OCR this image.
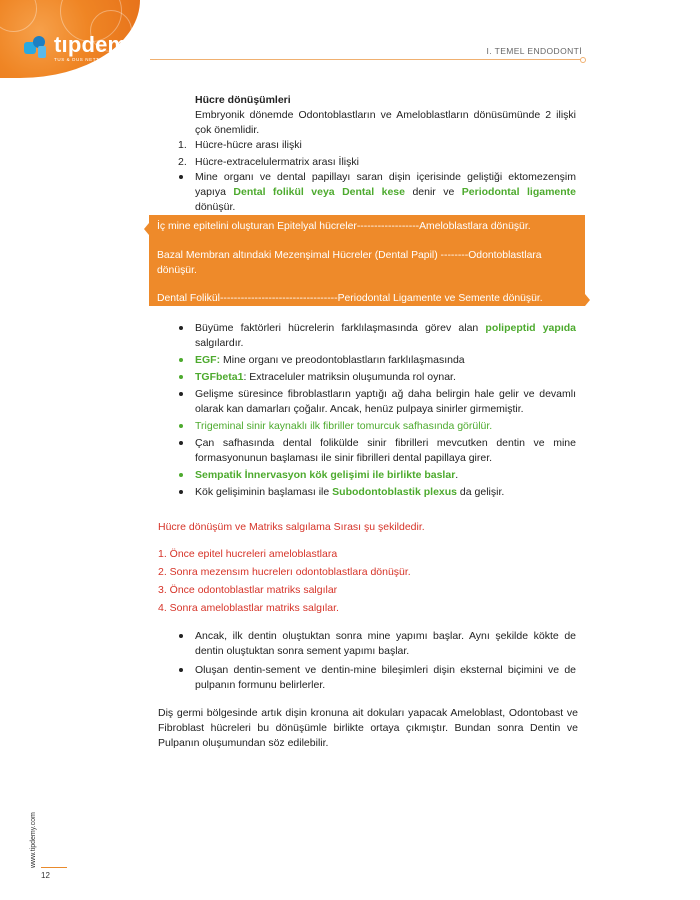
tıpdemy
TUS & DUS NETTE PLATFORMU
I. TEMEL ENDODONTİ
www.tipdemy.com
12

Hücre dönüşümleri

Embryonik dönemde Odontoblastların ve Ameloblastların dönüsümünde 2 ilişki çok önemlidir.

1. Hücre-hücre arası ilişki
2. Hücre-extracelulermatrix arası İlişki
Mine organı ve dental papillayı saran dişin içerisinde geliştiği ektomezenşim yapıya Dental folikül veya Dental kese denir ve Periodontal ligamente dönüşür.
İç mine epitelini oluşturan Epitelyal hücreler------------------Ameloblastlara dönüşür.
Bazal Membran altındaki Mezenşimal Hücreler (Dental Papil) --------Odontoblastlara
dönüşür.
Dental Folikül----------------------------------Periodontal Ligamente ve Semente dönüşür.
Büyüme faktörleri hücrelerin farklılaşmasında görev alan polipeptid yapıda salgılardır.
EGF: Mine organı ve preodontoblastların farklılaşmasında
TGFbeta1: Extraceluler matriksin oluşumunda rol oynar.
Gelişme süresince fibroblastların yaptığı ağ daha belirgin hale gelir ve devamlı olarak kan damarları çoğalır. Ancak, henüz pulpaya sinirler girmemiştir.
Trigeminal sinir kaynaklı ilk fibriller tomurcuk safhasında görülür.
Çan safhasında dental folikülde sinir fibrilleri mevcutken dentin ve mine formasyonunun başlaması ile sinir fibrilleri dental papillaya girer.
Sempatik İnnervasyon kök gelişimi ile birlikte baslar.
Kök gelişiminin başlaması ile Subodontoblastik plexus da gelişir.
Hücre dönüşüm ve Matriks salgılama Sırası şu şekildedir.
1. Önce epitel hucreleri ameloblastlara
2. Sonra mezensım hucrelerı odontoblastlara dönüşür.
3. Önce odontoblastlar matriks salgılar
4. Sonra ameloblastlar matriks salgılar.
Ancak, ilk dentin oluştuktan sonra mine yapımı başlar. Aynı şekilde kökte de dentin oluştuktan sonra sement yapımı başlar.
Oluşan dentin-sement ve dentin-mine bileşimleri dişin eksternal biçimini ve de pulpanın formunu belirlerler.
Diş germi bölgesinde artık dişin kronuna ait dokuları yapacak Ameloblast, Odontobast ve Fibroblast hücreleri bu dönüşümle birlikte ortaya çıkmıştır. Bundan sonra Dentin ve Pulpanın oluşumundan söz edilebilir.
